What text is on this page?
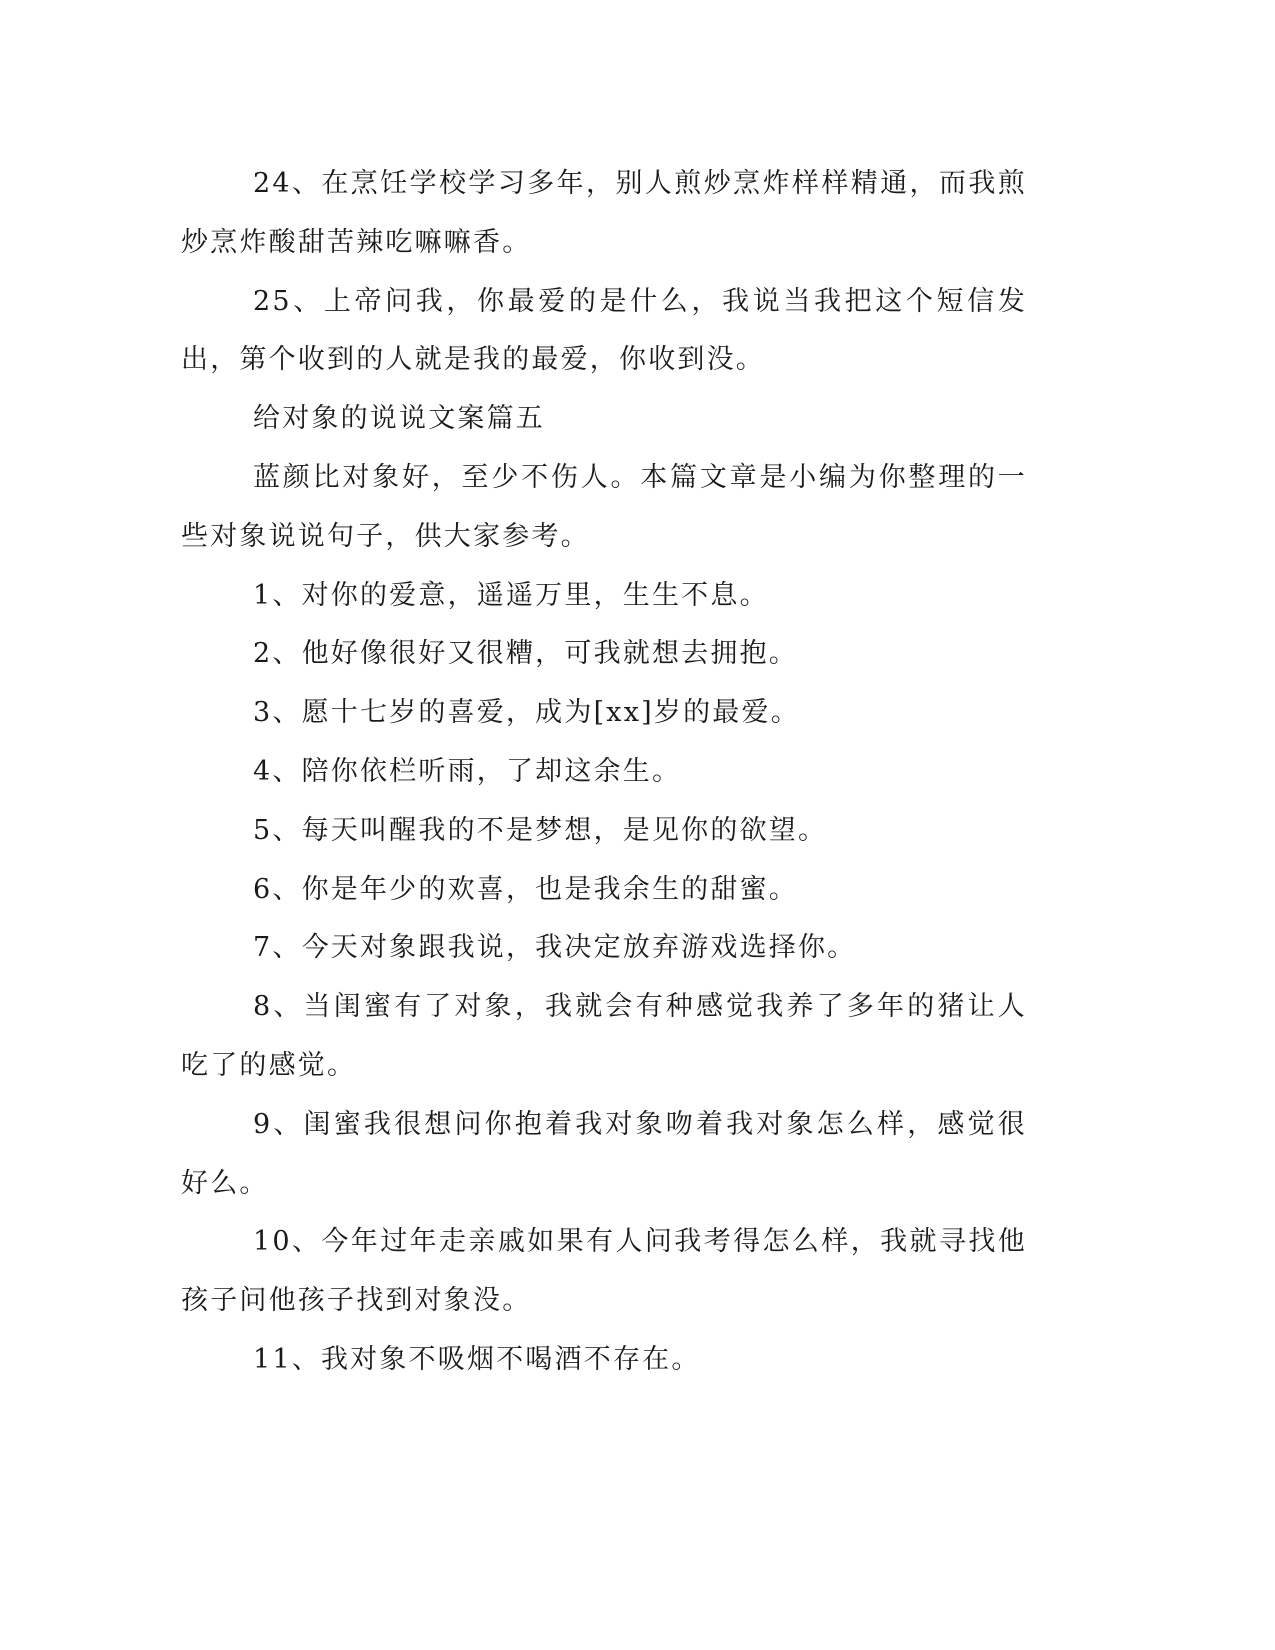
24、在烹饪学校学习多年，别人煎炒烹炸样样精通，而我煎炒烹炸酸甜苦辣吃嘛嘛香。

25、上帝问我，你最爱的是什么，我说当我把这个短信发出，第个收到的人就是我的最爱，你收到没。

给对象的说说文案篇五

蓝颜比对象好，至少不伤人。本篇文章是小编为你整理的一些对象说说句子，供大家参考。

1、对你的爱意，遥遥万里，生生不息。

2、他好像很好又很糟，可我就想去拥抱。

3、愿十七岁的喜爱，成为[xx]岁的最爱。

4、陪你依栏听雨，了却这余生。

5、每天叫醒我的不是梦想，是见你的欲望。

6、你是年少的欢喜，也是我余生的甜蜜。

7、今天对象跟我说，我决定放弃游戏选择你。

8、当闺蜜有了对象，我就会有种感觉我养了多年的猪让人吃了的感觉。

9、闺蜜我很想问你抱着我对象吻着我对象怎么样，感觉很好么。

10、今年过年走亲戚如果有人问我考得怎么样，我就寻找他孩子问他孩子找到对象没。

11、我对象不吸烟不喝酒不存在。
